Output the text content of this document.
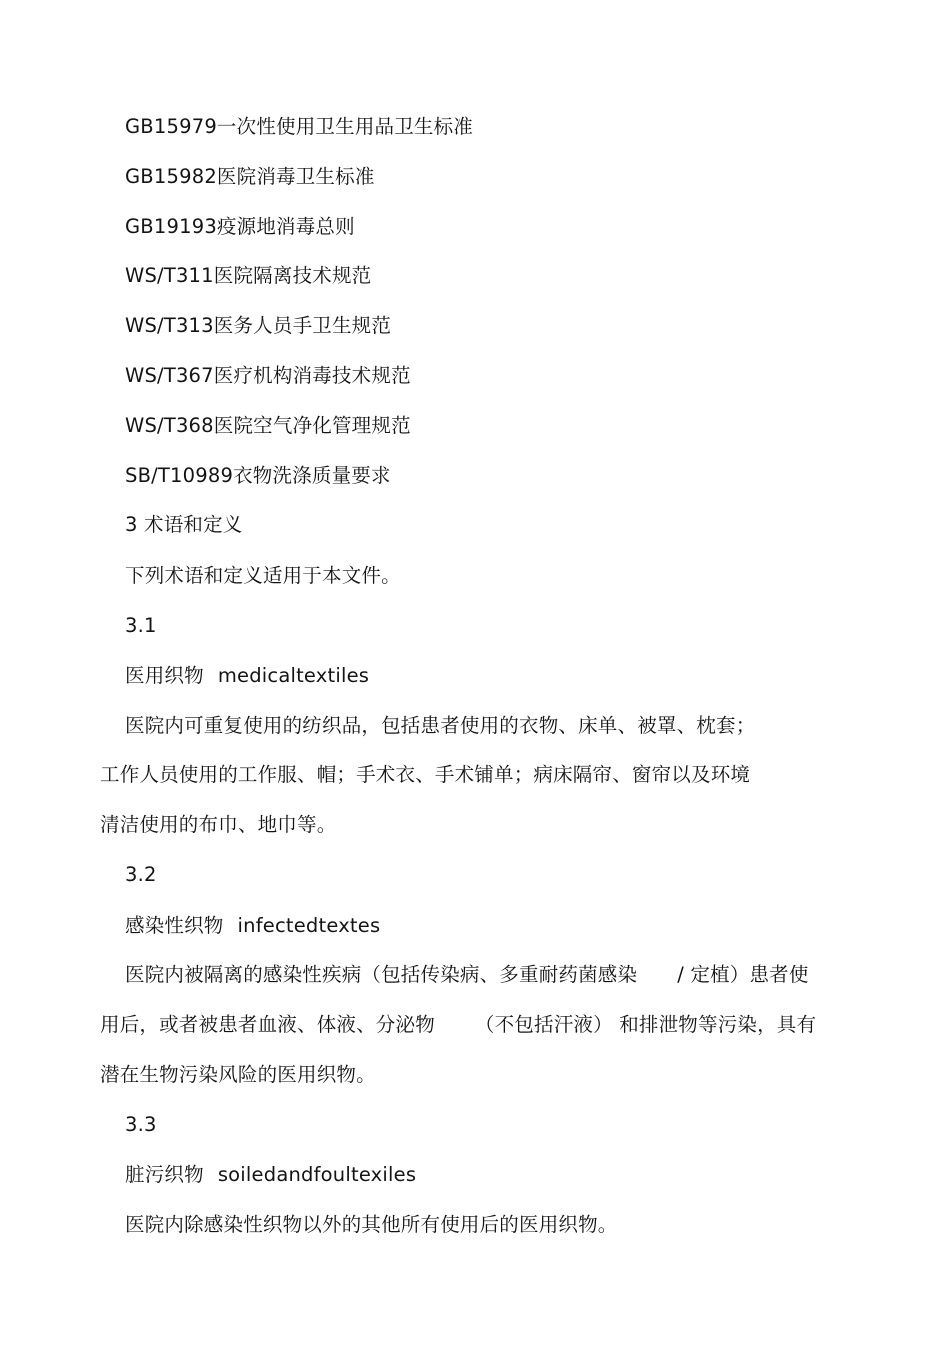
GB15979一次性使用卫生用品卫生标准
GB15982医院消毒卫生标准
GB19193疫源地消毒总则
WS/T311医院隔离技术规范
WS/T313医务人员手卫生规范
WS/T367医疗机构消毒技术规范
WS/T368医院空气净化管理规范
SB/T10989衣物洗涤质量要求
3 术语和定义
下列术语和定义适用于本文件。
3.1
医用织物 medicaltextiles
医院内可重复使用的纺织品，包括患者使用的衣物、床单、被罩、枕套；
工作人员使用的工作服、帽；手术衣、手术铺单；病床隔帘、窗帘以及环境
清洁使用的布巾、地巾等。
3.2
感染性织物 infectedtextes
医院内被隔离的感染性疾病（包括传染病、多重耐药菌感染 / 定植）患者使
用后，或者被患者血液、体液、分泌物 （不包括汗液） 和排泄物等污染，具有
潜在生物污染风险的医用织物。
3.3
脏污织物 soiledandfoultexiles
医院内除感染性织物以外的其他所有使用后的医用织物。
